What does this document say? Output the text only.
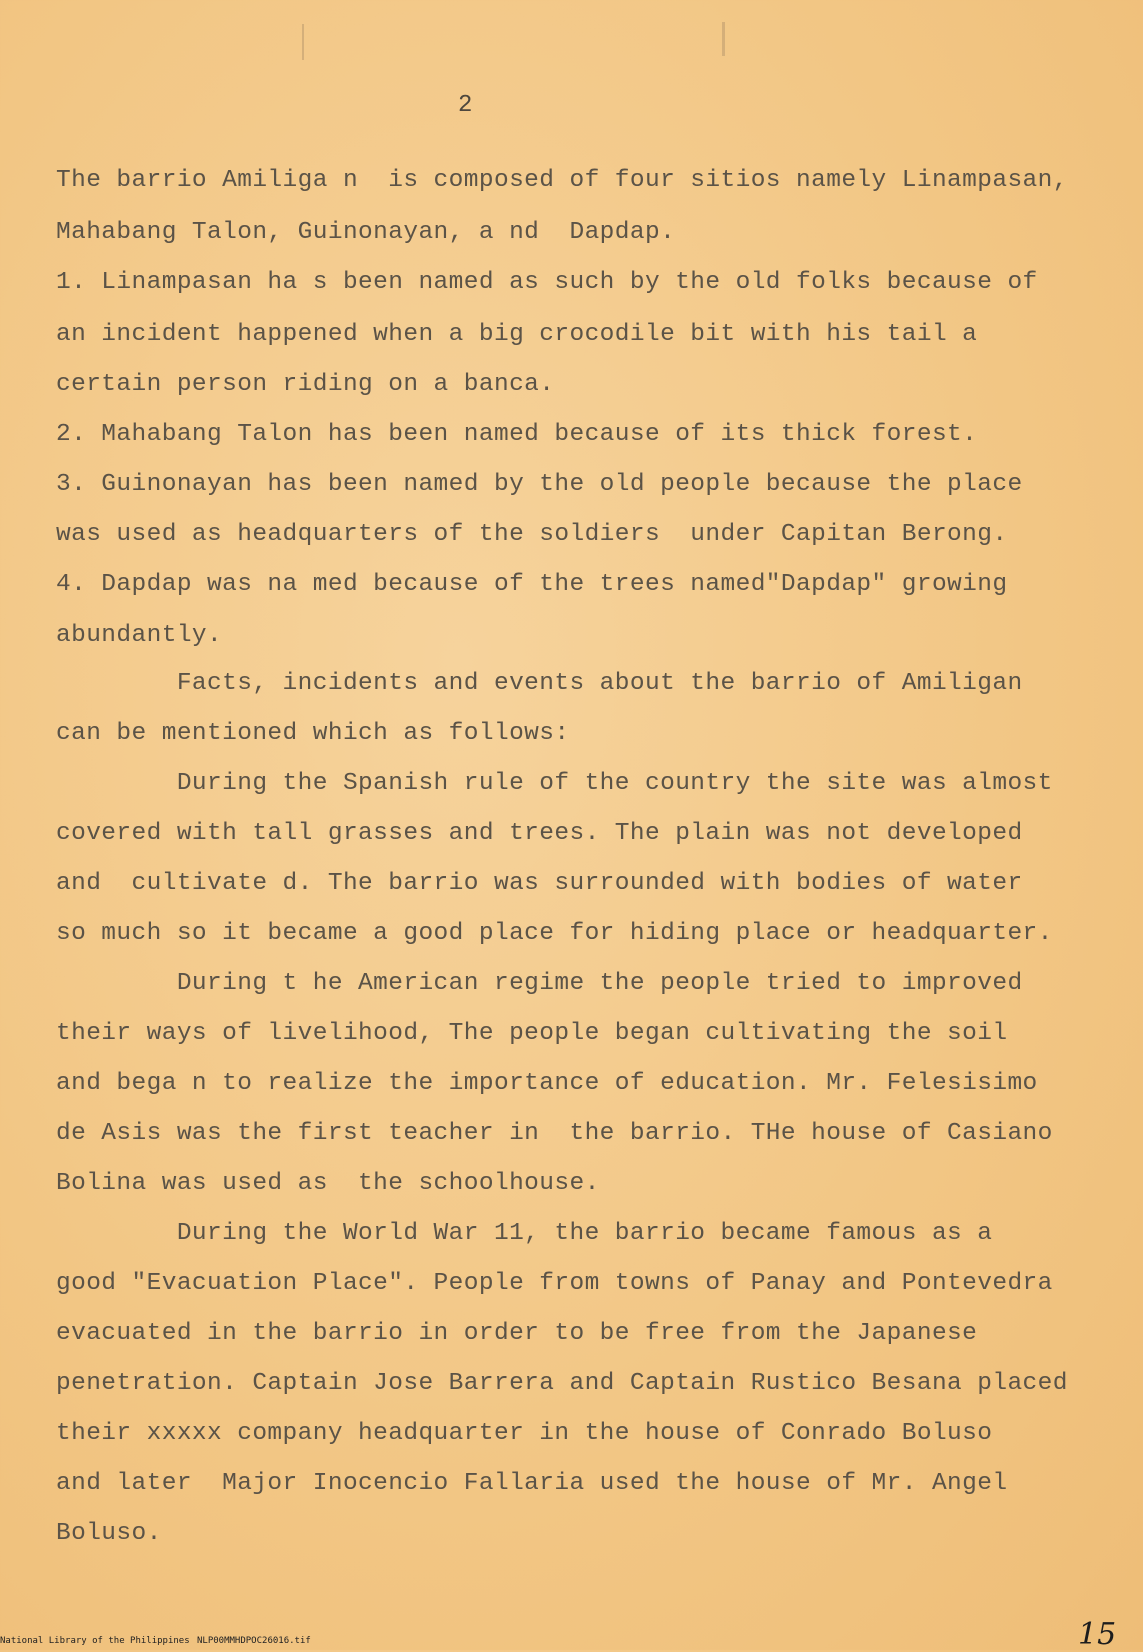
2
The barrio Amiliga n  is composed of four sitios namely Linampasan,
Mahabang Talon, Guinonayan, a nd  Dapdap.
1. Linampasan ha s been named as such by the old folks because of
an incident happened when a big crocodile bit with his tail a
certain person riding on a banca.
2. Mahabang Talon has been named because of its thick forest.
3. Guinonayan has been named by the old people because the place
was used as headquarters of the soldiers  under Capitan Berong.
4. Dapdap was na med because of the trees named"Dapdap" growing
abundantly.
Facts, incidents and events about the barrio of Amiligan
can be mentioned which as follows:
During the Spanish rule of the country the site was almost
covered with tall grasses and trees. The plain was not developed
and  cultivate d. The barrio was surrounded with bodies of water
so much so it became a good place for hiding place or headquarter.
During t he American regime the people tried to improved
their ways of livelihood, The people began cultivating the soil
and bega n to realize the importance of education. Mr. Felesisimo
de Asis was the first teacher in  the barrio. THe house of Casiano
Bolina was used as  the schoolhouse.
During the World War 11, the barrio became famous as a
good "Evacuation Place". People from towns of Panay and Pontevedra
evacuated in the barrio in order to be free from the Japanese
penetration. Captain Jose Barrera and Captain Rustico Besana placed
their xxxxx company headquarter in the house of Conrado Boluso
and later  Major Inocencio Fallaria used the house of Mr. Angel
Boluso.
15
National Library of the Philippines NLP00MMHDPOC26016.tif
